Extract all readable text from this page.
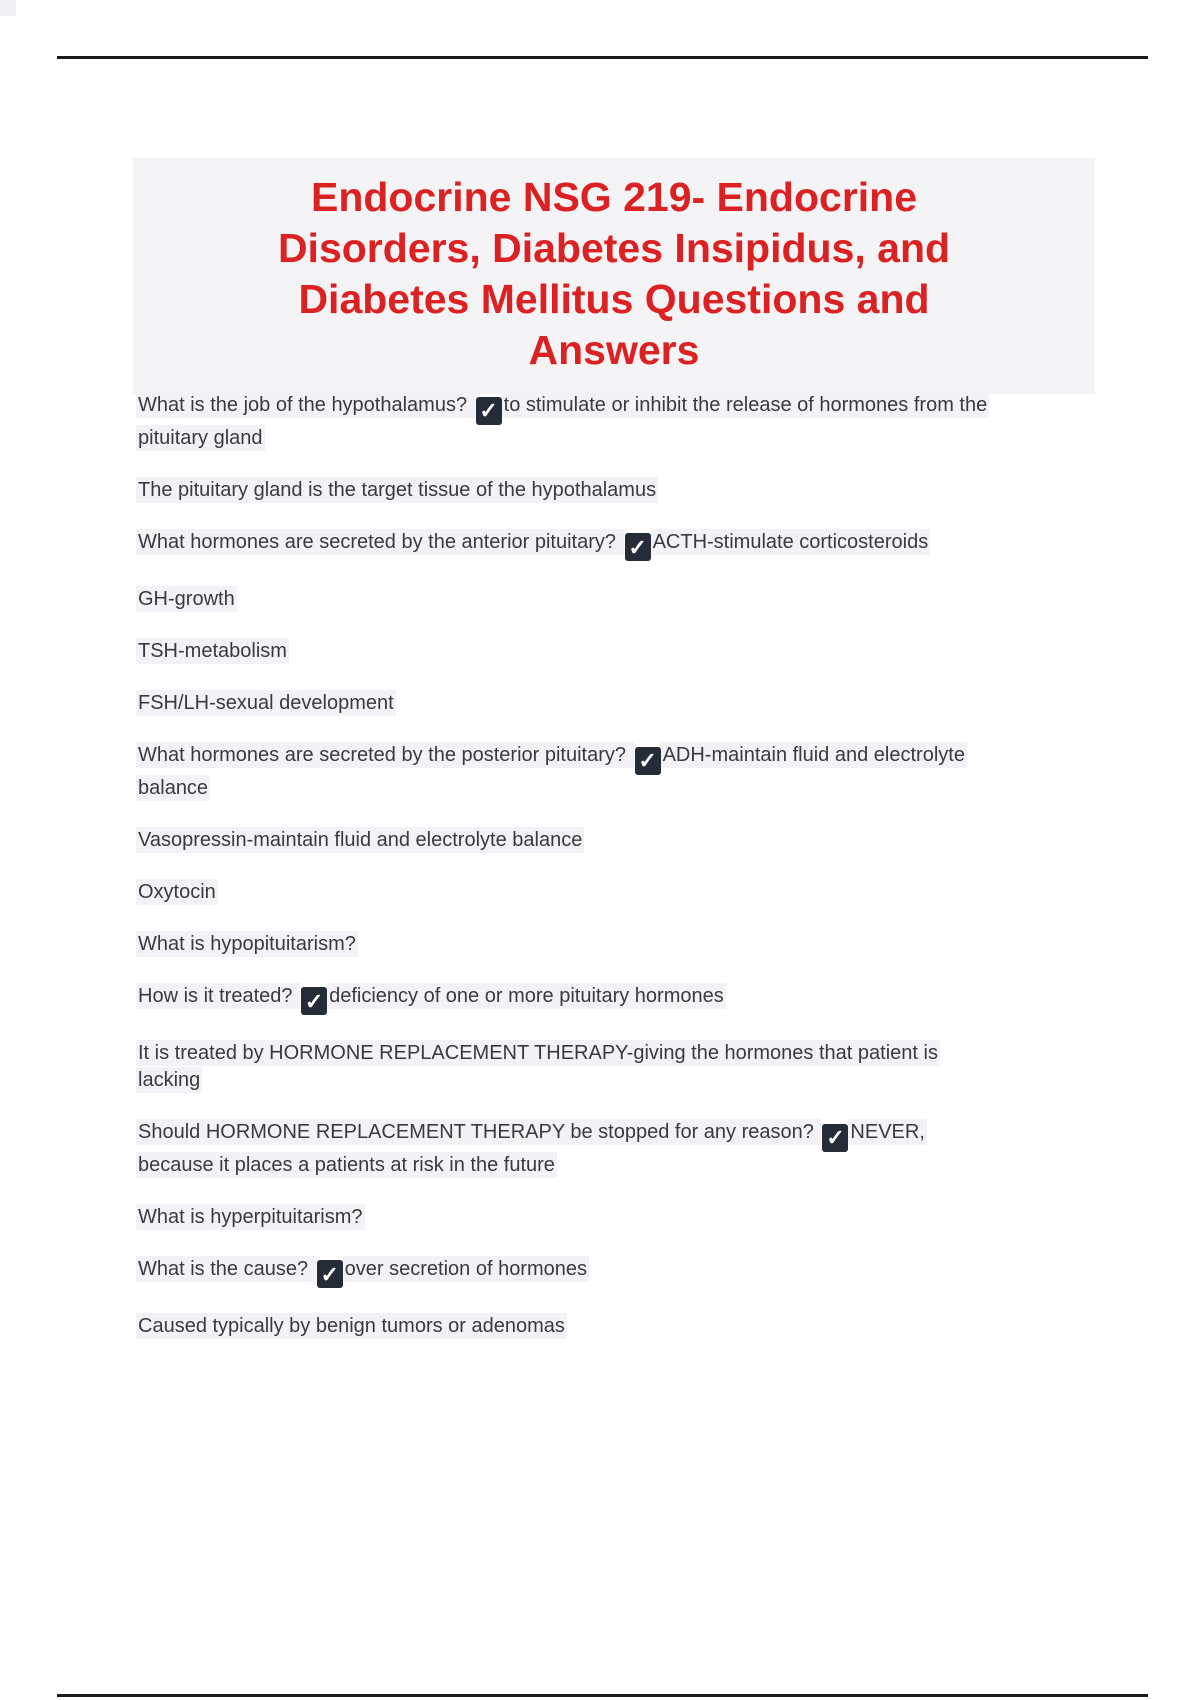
Endocrine NSG 219- Endocrine Disorders, Diabetes Insipidus, and Diabetes Mellitus Questions and Answers

What is the job of the hypothalamus? ✓ to stimulate or inhibit the release of hormones from the pituitary gland

The pituitary gland is the target tissue of the hypothalamus

What hormones are secreted by the anterior pituitary? ✓ ACTH-stimulate corticosteroids

GH-growth

TSH-metabolism

FSH/LH-sexual development

What hormones are secreted by the posterior pituitary? ✓ ADH-maintain fluid and electrolyte balance

Vasopressin-maintain fluid and electrolyte balance

Oxytocin

What is hypopituitarism?

How is it treated? ✓ deficiency of one or more pituitary hormones

It is treated by HORMONE REPLACEMENT THERAPY-giving the hormones that patient is lacking

Should HORMONE REPLACEMENT THERAPY be stopped for any reason? ✓ NEVER, because it places a patients at risk in the future

What is hyperpituitarism?

What is the cause? ✓ over secretion of hormones

Caused typically by benign tumors or adenomas
